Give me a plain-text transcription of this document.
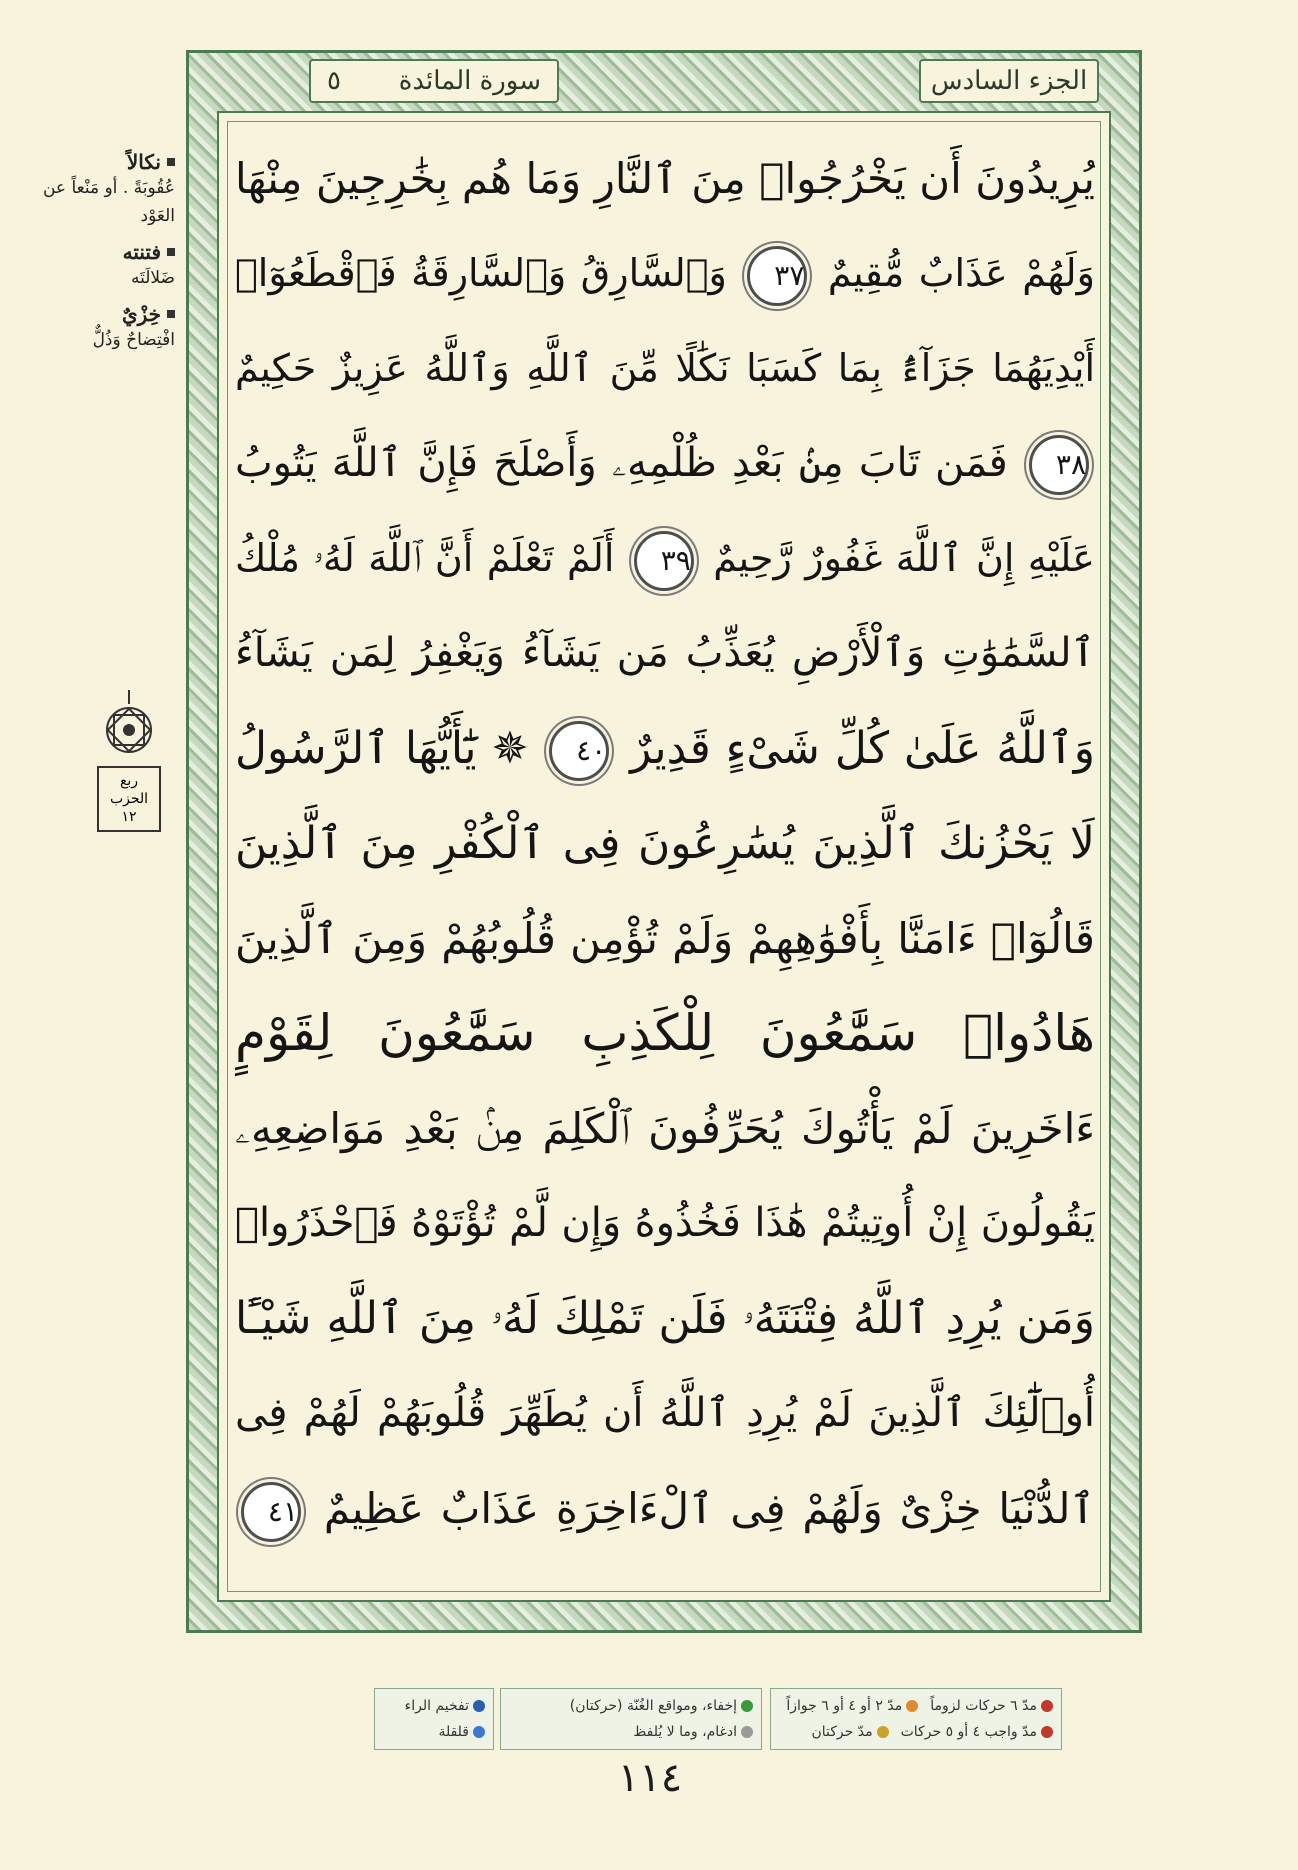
نكالاً
عُقُوبَةً . أو مَنْعاً عن العَوْد
فتنته
ضَلالَتَه
خِزْيٌ
افْتِضاحٌ وَذُلٌّ
ربع
الحزب
١٢
الجزء السادس
سورة المائدة
٥
يُرِيدُونَ أَن يَخْرُجُوا۟ مِنَ ٱلنَّارِ وَمَا هُم بِخَٰرِجِينَ مِنْهَا
وَلَهُمْ عَذَابٌ مُّقِيمٌ ٣٧ وَٱلسَّارِقُ وَٱلسَّارِقَةُ فَٱقْطَعُوٓا۟
أَيْدِيَهُمَا جَزَآءًۢ بِمَا كَسَبَا نَكَٰلًا مِّنَ ٱللَّهِ وَٱللَّهُ عَزِيزٌ حَكِيمٌ
٣٨ فَمَن تَابَ مِنۢ بَعْدِ ظُلْمِهِۦ وَأَصْلَحَ فَإِنَّ ٱللَّهَ يَتُوبُ
عَلَيْهِ إِنَّ ٱللَّهَ غَفُورٌ رَّحِيمٌ ٣٩ أَلَمْ تَعْلَمْ أَنَّ ٱللَّهَ لَهُۥ مُلْكُ
ٱلسَّمَٰوَٰتِ وَٱلْأَرْضِ يُعَذِّبُ مَن يَشَآءُ وَيَغْفِرُ لِمَن يَشَآءُ
وَٱللَّهُ عَلَىٰ كُلِّ شَىْءٍ قَدِيرٌ ٤٠ ✵ يَٰٓأَيُّهَا ٱلرَّسُولُ
لَا يَحْزُنكَ ٱلَّذِينَ يُسَٰرِعُونَ فِى ٱلْكُفْرِ مِنَ ٱلَّذِينَ
قَالُوٓا۟ ءَامَنَّا بِأَفْوَٰهِهِمْ وَلَمْ تُؤْمِن قُلُوبُهُمْ وَمِنَ ٱلَّذِينَ
هَادُوا۟ سَمَّٰعُونَ لِلْكَذِبِ سَمَّٰعُونَ لِقَوْمٍ
ءَاخَرِينَ لَمْ يَأْتُوكَ يُحَرِّفُونَ ٱلْكَلِمَ مِنۢ بَعْدِ مَوَاضِعِهِۦ
يَقُولُونَ إِنْ أُوتِيتُمْ هَٰذَا فَخُذُوهُ وَإِن لَّمْ تُؤْتَوْهُ فَٱحْذَرُوا۟
وَمَن يُرِدِ ٱللَّهُ فِتْنَتَهُۥ فَلَن تَمْلِكَ لَهُۥ مِنَ ٱللَّهِ شَيْـًٔا
أُو۟لَٰٓئِكَ ٱلَّذِينَ لَمْ يُرِدِ ٱللَّهُ أَن يُطَهِّرَ قُلُوبَهُمْ لَهُمْ فِى
ٱلدُّنْيَا خِزْىٌ وَلَهُمْ فِى ٱلْءَاخِرَةِ عَذَابٌ عَظِيمٌ ٤١
مدّ ٦ حركات لزوماً
مدّ ٢ أو ٤ أو ٦ جوازاً
مدّ واجب ٤ أو ٥ حركات
مدّ حركتان
إخفاء، ومواقع الغُنّة (حركتان)
ادغام، وما لا يُلفظ
تفخيم الراء
قلقلة
١١٤
